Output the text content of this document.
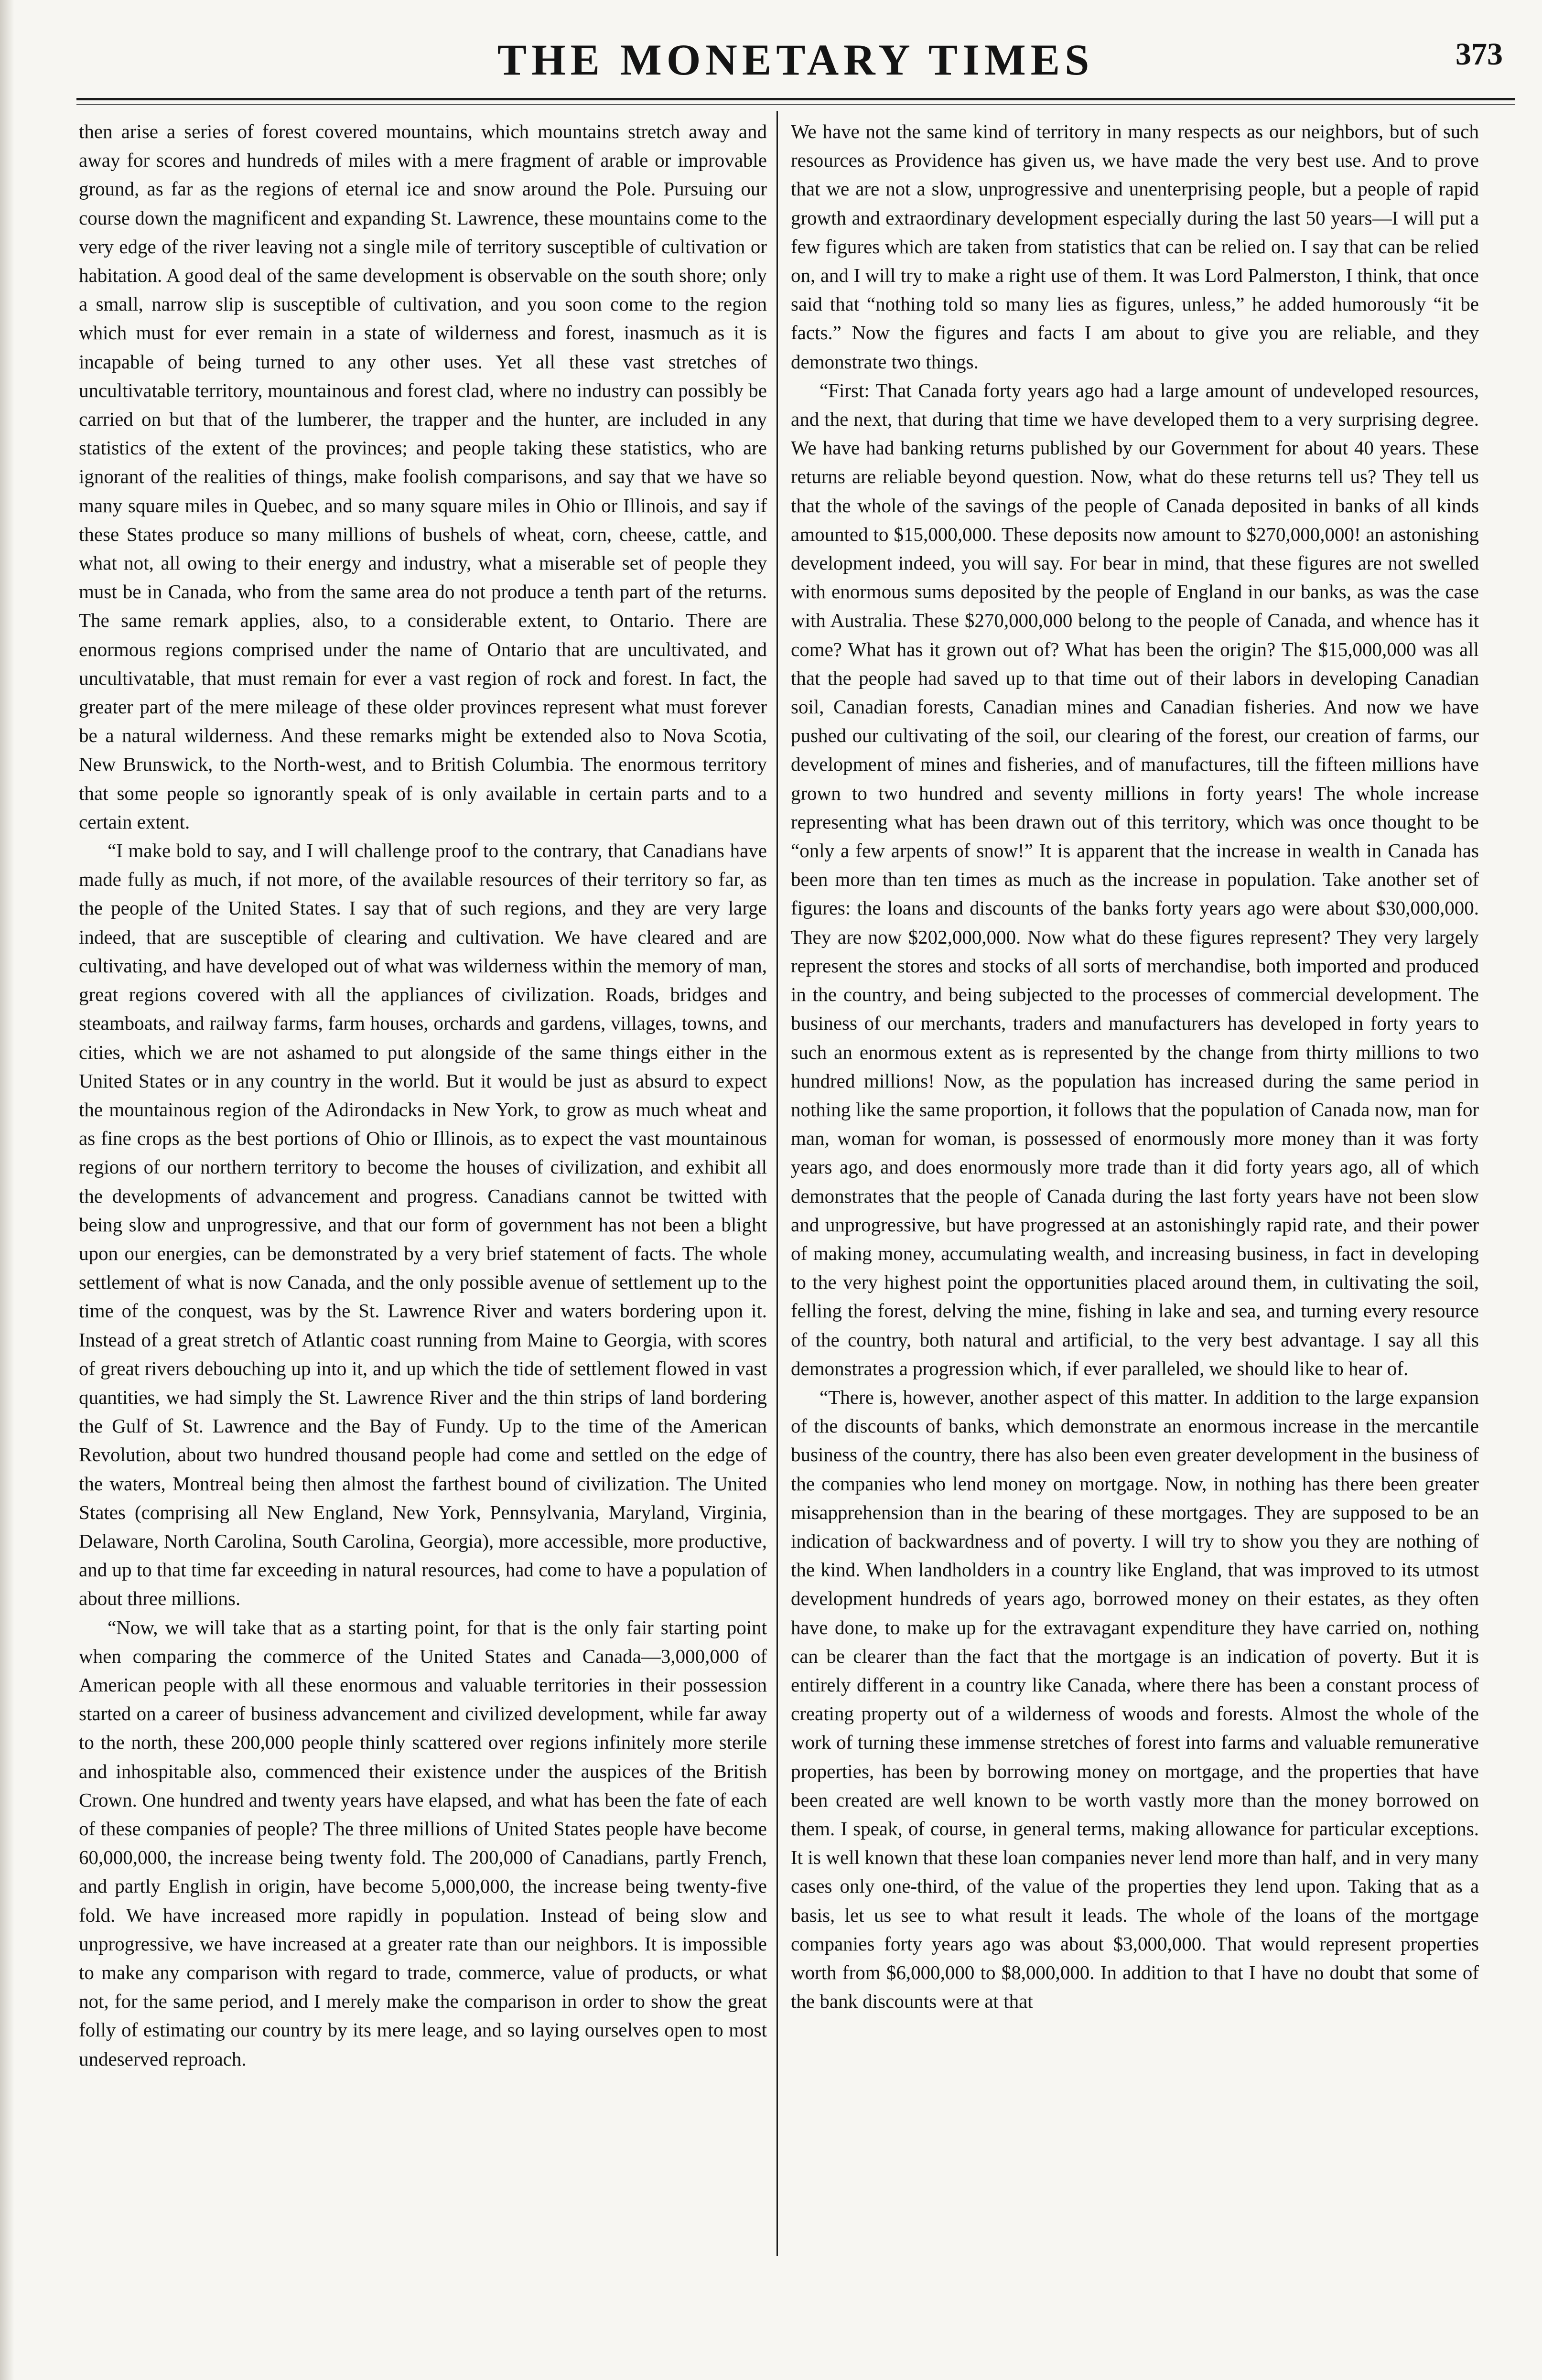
THE MONETARY TIMES	373

then arise a series of forest covered mountains, which mountains stretch away and away for scores and hundreds of miles with a mere fragment of arable or improvable ground, as far as the regions of eternal ice and snow around the Pole. Pursuing our course down the magnificent and expanding St. Lawrence, these mountains come to the very edge of the river leaving not a single mile of territory susceptible of cultivation or habitation. A good deal of the same development is observable on the south shore; only a small, narrow slip is susceptible of cultivation, and you soon come to the region which must for ever remain in a state of wilderness and forest, inasmuch as it is incapable of being turned to any other uses. Yet all these vast stretches of uncultivatable territory, mountainous and forest clad, where no industry can possibly be carried on but that of the lumberer, the trapper and the hunter, are included in any statistics of the extent of the provinces; and people taking these statistics, who are ignorant of the realities of things, make foolish comparisons, and say that we have so many square miles in Quebec, and so many square miles in Ohio or Illinois, and say if these States produce so many millions of bushels of wheat, corn, cheese, cattle, and what not, all owing to their energy and industry, what a miserable set of people they must be in Canada, who from the same area do not produce a tenth part of the returns. The same remark applies, also, to a considerable extent, to Ontario. There are enormous regions comprised under the name of Ontario that are uncultivated, and uncultivatable, that must remain for ever a vast region of rock and forest. In fact, the greater part of the mere mileage of these older provinces represent what must forever be a natural wilderness. And these remarks might be extended also to Nova Scotia, New Brunswick, to the North-west, and to British Columbia. The enormous territory that some people so ignorantly speak of is only available in certain parts and to a certain extent.

“I make bold to say, and I will challenge proof to the contrary, that Canadians have made fully as much, if not more, of the available resources of their territory so far, as the people of the United States. I say that of such regions, and they are very large indeed, that are susceptible of clearing and cultivation. We have cleared and are cultivating, and have developed out of what was wilderness within the memory of man, great regions covered with all the appliances of civilization. Roads, bridges and steamboats, and railway farms, farm houses, orchards and gardens, villages, towns, and cities, which we are not ashamed to put alongside of the same things either in the United States or in any country in the world. But it would be just as absurd to expect the mountainous region of the Adirondacks in New York, to grow as much wheat and as fine crops as the best portions of Ohio or Illinois, as to expect the vast mountainous regions of our northern territory to become the houses of civilization, and exhibit all the developments of advancement and progress. Canadians cannot be twitted with being slow and unprogressive, and that our form of government has not been a blight upon our energies, can be demonstrated by a very brief statement of facts. The whole settlement of what is now Canada, and the only possible avenue of settlement up to the time of the conquest, was by the St. Lawrence River and waters bordering upon it. Instead of a great stretch of Atlantic coast running from Maine to Georgia, with scores of great rivers debouching up into it, and up which the tide of settlement flowed in vast quantities, we had simply the St. Lawrence River and the thin strips of land bordering the Gulf of St. Lawrence and the Bay of Fundy. Up to the time of the American Revolution, about two hundred thousand people had come and settled on the edge of the waters, Montreal being then almost the farthest bound of civilization. The United States (comprising all New England, New York, Pennsylvania, Maryland, Virginia, Delaware, North Carolina, South Carolina, Georgia), more accessible, more productive, and up to that time far exceeding in natural resources, had come to have a population of about three millions.

“Now, we will take that as a starting point, for that is the only fair starting point when comparing the commerce of the United States and Canada—3,000,000 of American people with all these enormous and valuable territories in their possession started on a career of business advancement and civilized development, while far away to the north, these 200,000 people thinly scattered over regions infinitely more sterile and inhospitable also, commenced their existence under the auspices of the British Crown. One hundred and twenty years have elapsed, and what has been the fate of each of these companies of people? The three millions of United States people have become 60,000,000, the increase being twenty fold. The 200,000 of Canadians, partly French, and partly English in origin, have become 5,000,000, the increase being twenty-five fold. We have increased more rapidly in population. Instead of being slow and unprogressive, we have increased at a greater rate than our neighbors. It is impossible to make any comparison with regard to trade, commerce, value of products, or what not, for the same period, and I merely make the comparison in order to show the great folly of estimating our country by its mere leage, and so laying ourselves open to most undeserved reproach.

We have not the same kind of territory in many respects as our neighbors, but of such resources as Providence has given us, we have made the very best use. And to prove that we are not a slow, unprogressive and unenterprising people, but a people of rapid growth and extraordinary development especially during the last 50 years—I will put a few figures which are taken from statistics that can be relied on. I say that can be relied on, and I will try to make a right use of them. It was Lord Palmerston, I think, that once said that “nothing told so many lies as figures, unless,” he added humorously “it be facts.” Now the figures and facts I am about to give you are reliable, and they demonstrate two things.

“First: That Canada forty years ago had a large amount of undeveloped resources, and the next, that during that time we have developed them to a very surprising degree. We have had banking returns published by our Government for about 40 years. These returns are reliable beyond question. Now, what do these returns tell us? They tell us that the whole of the savings of the people of Canada deposited in banks of all kinds amounted to $15,000,000. These deposits now amount to $270,000,000! an astonishing development indeed, you will say. For bear in mind, that these figures are not swelled with enormous sums deposited by the people of England in our banks, as was the case with Australia. These $270,000,000 belong to the people of Canada, and whence has it come? What has it grown out of? What has been the origin? The $15,000,000 was all that the people had saved up to that time out of their labors in developing Canadian soil, Canadian forests, Canadian mines and Canadian fisheries. And now we have pushed our cultivating of the soil, our clearing of the forest, our creation of farms, our development of mines and fisheries, and of manufactures, till the fifteen millions have grown to two hundred and seventy millions in forty years! The whole increase representing what has been drawn out of this territory, which was once thought to be “only a few arpents of snow!” It is apparent that the increase in wealth in Canada has been more than ten times as much as the increase in population. Take another set of figures: the loans and discounts of the banks forty years ago were about $30,000,000. They are now $202,000,000. Now what do these figures represent? They very largely represent the stores and stocks of all sorts of merchandise, both imported and produced in the country, and being subjected to the processes of commercial development. The business of our merchants, traders and manufacturers has developed in forty years to such an enormous extent as is represented by the change from thirty millions to two hundred millions! Now, as the population has increased during the same period in nothing like the same proportion, it follows that the population of Canada now, man for man, woman for woman, is possessed of enormously more money than it was forty years ago, and does enormously more trade than it did forty years ago, all of which demonstrates that the people of Canada during the last forty years have not been slow and unprogressive, but have progressed at an astonishingly rapid rate, and their power of making money, accumulating wealth, and increasing business, in fact in developing to the very highest point the opportunities placed around them, in cultivating the soil, felling the forest, delving the mine, fishing in lake and sea, and turning every resource of the country, both natural and artificial, to the very best advantage. I say all this demonstrates a progression which, if ever paralleled, we should like to hear of.

“There is, however, another aspect of this matter. In addition to the large expansion of the discounts of banks, which demonstrate an enormous increase in the mercantile business of the country, there has also been even greater development in the business of the companies who lend money on mortgage. Now, in nothing has there been greater misapprehension than in the bearing of these mortgages. They are supposed to be an indication of backwardness and of poverty. I will try to show you they are nothing of the kind. When landholders in a country like England, that was improved to its utmost development hundreds of years ago, borrowed money on their estates, as they often have done, to make up for the extravagant expenditure they have carried on, nothing can be clearer than the fact that the mortgage is an indication of poverty. But it is entirely different in a country like Canada, where there has been a constant process of creating property out of a wilderness of woods and forests. Almost the whole of the work of turning these immense stretches of forest into farms and valuable remunerative properties, has been by borrowing money on mortgage, and the properties that have been created are well known to be worth vastly more than the money borrowed on them. I speak, of course, in general terms, making allowance for particular exceptions. It is well known that these loan companies never lend more than half, and in very many cases only one-third, of the value of the properties they lend upon. Taking that as a basis, let us see to what result it leads. The whole of the loans of the mortgage companies forty years ago was about $3,000,000. That would represent properties worth from $6,000,000 to $8,000,000. In addition to that I have no doubt that some of the bank discounts were at that
